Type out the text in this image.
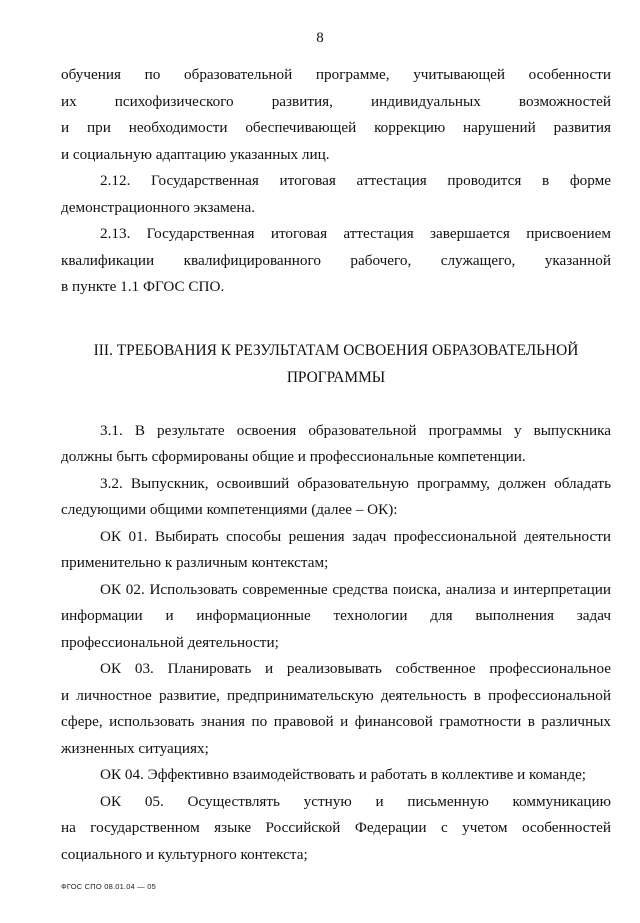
8

обучения по образовательной программе, учитывающей особенности
их психофизического развития, индивидуальных возможностей
и при необходимости обеспечивающей коррекцию нарушений развития
и социальную адаптацию указанных лиц.

2.12. Государственная итоговая аттестация проводится в форме
демонстрационного экзамена.

2.13. Государственная итоговая аттестация завершается присвоением
квалификации квалифицированного рабочего, служащего, указанной
в пункте 1.1 ФГОС СПО.

III. ТРЕБОВАНИЯ К РЕЗУЛЬТАТАМ ОСВОЕНИЯ ОБРАЗОВАТЕЛЬНОЙ
ПРОГРАММЫ

3.1. В результате освоения образовательной программы у выпускника
должны быть сформированы общие и профессиональные компетенции.

3.2. Выпускник, освоивший образовательную программу, должен обладать
следующими общими компетенциями (далее – ОК):

ОК 01. Выбирать способы решения задач профессиональной деятельности
применительно к различным контекстам;

ОК 02. Использовать современные средства поиска, анализа и интерпретации
информации и информационные технологии для выполнения задач
профессиональной деятельности;

ОК 03. Планировать и реализовывать собственное профессиональное
и личностное развитие, предпринимательскую деятельность в профессиональной
сфере, использовать знания по правовой и финансовой грамотности в различных
жизненных ситуациях;

ОК 04. Эффективно взаимодействовать и работать в коллективе и команде;

ОК 05. Осуществлять устную и письменную коммуникацию
на государственном языке Российской Федерации с учетом особенностей
социального и культурного контекста;

ФГОС СПО 08.01.04 — 05
